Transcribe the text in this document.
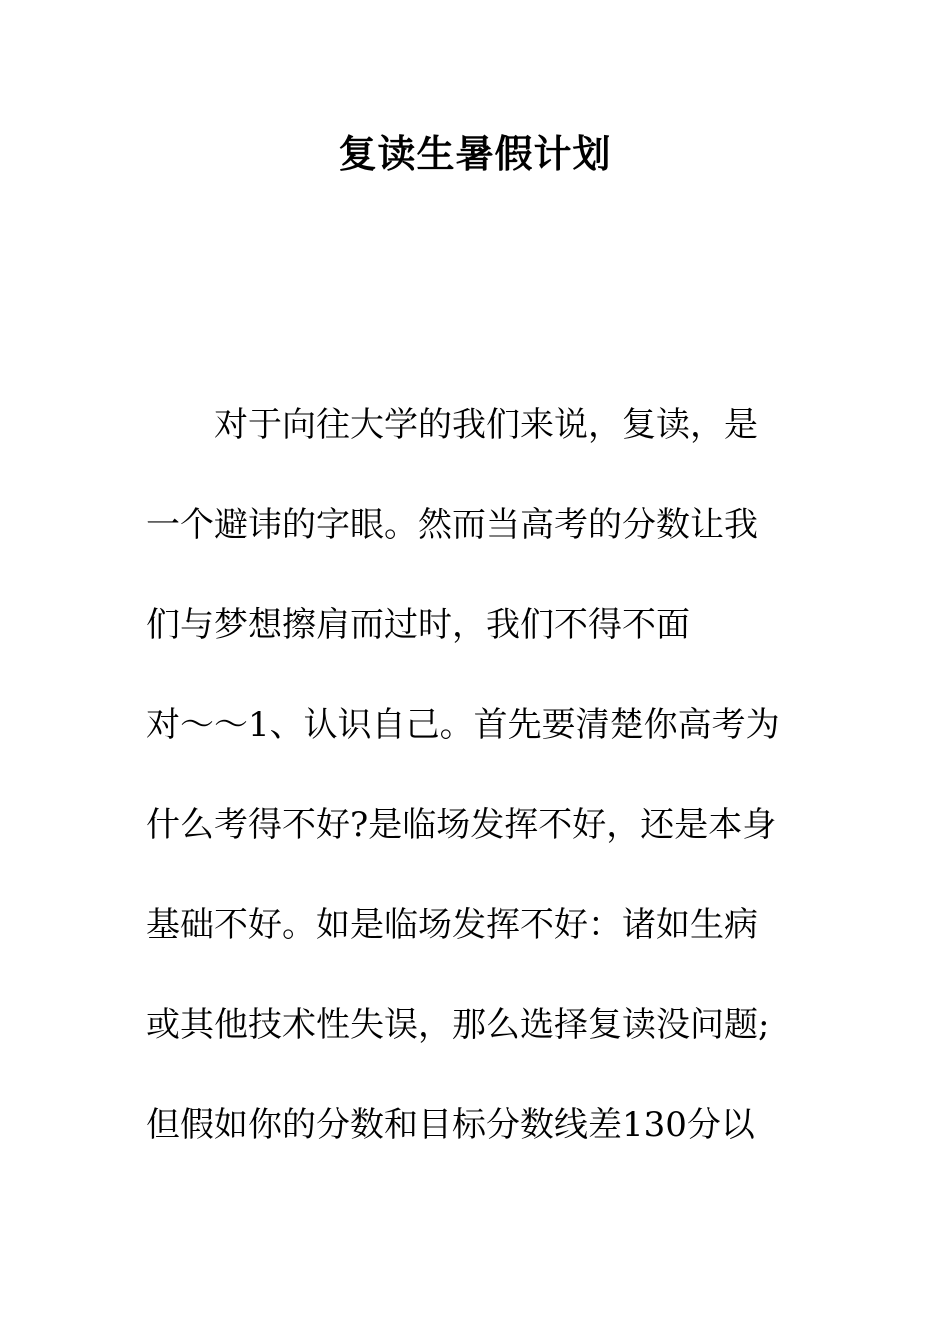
复读生暑假计划
　　对于向往大学的我们来说，复读，是
一个避讳的字眼。然而当高考的分数让我
们与梦想擦肩而过时，我们不得不面
对～～1、认识自己。首先要清楚你高考为
什么考得不好?是临场发挥不好，还是本身
基础不好。如是临场发挥不好：诸如生病
或其他技术性失误，那么选择复读没问题;
但假如你的分数和目标分数线差130分以
